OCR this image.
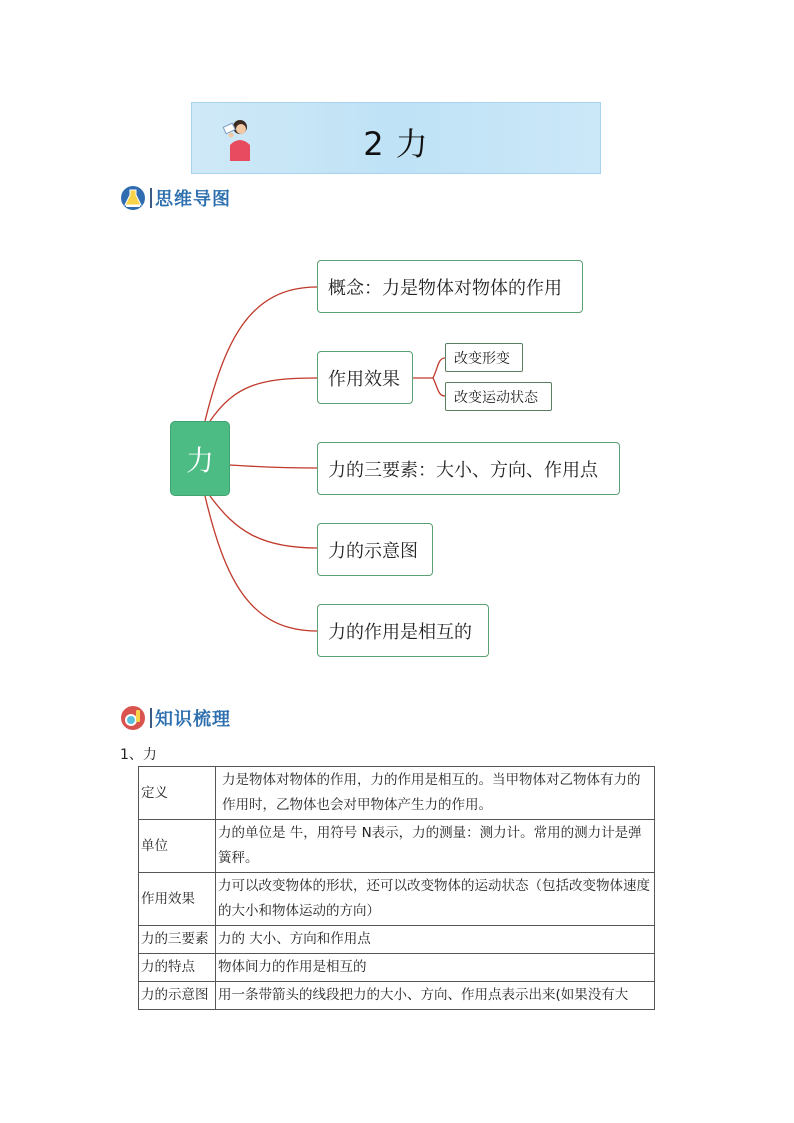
2 力
思维导图
力
概念：力是物体对物体的作用
作用效果
改变形变
改变运动状态
力的三要素：大小、方向、作用点
力的示意图
力的作用是相互的
知识梳理
1、力
定义	力是物体对物体的作用，力的作用是相互的。当甲物体对乙物体有力的作用时，乙物体也会对甲物体产生力的作用。
单位	力的单位是 牛，用符号 N表示，力的测量：测力计。常用的测力计是弹簧秤。
作用效果	力可以改变物体的形状，还可以改变物体的运动状态（包括改变物体速度的大小和物体运动的方向）
力的三要素	力的 大小、方向和作用点
力的特点	物体间力的作用是相互的
力的示意图	用一条带箭头的线段把力的大小、方向、作用点表示出来(如果没有大
